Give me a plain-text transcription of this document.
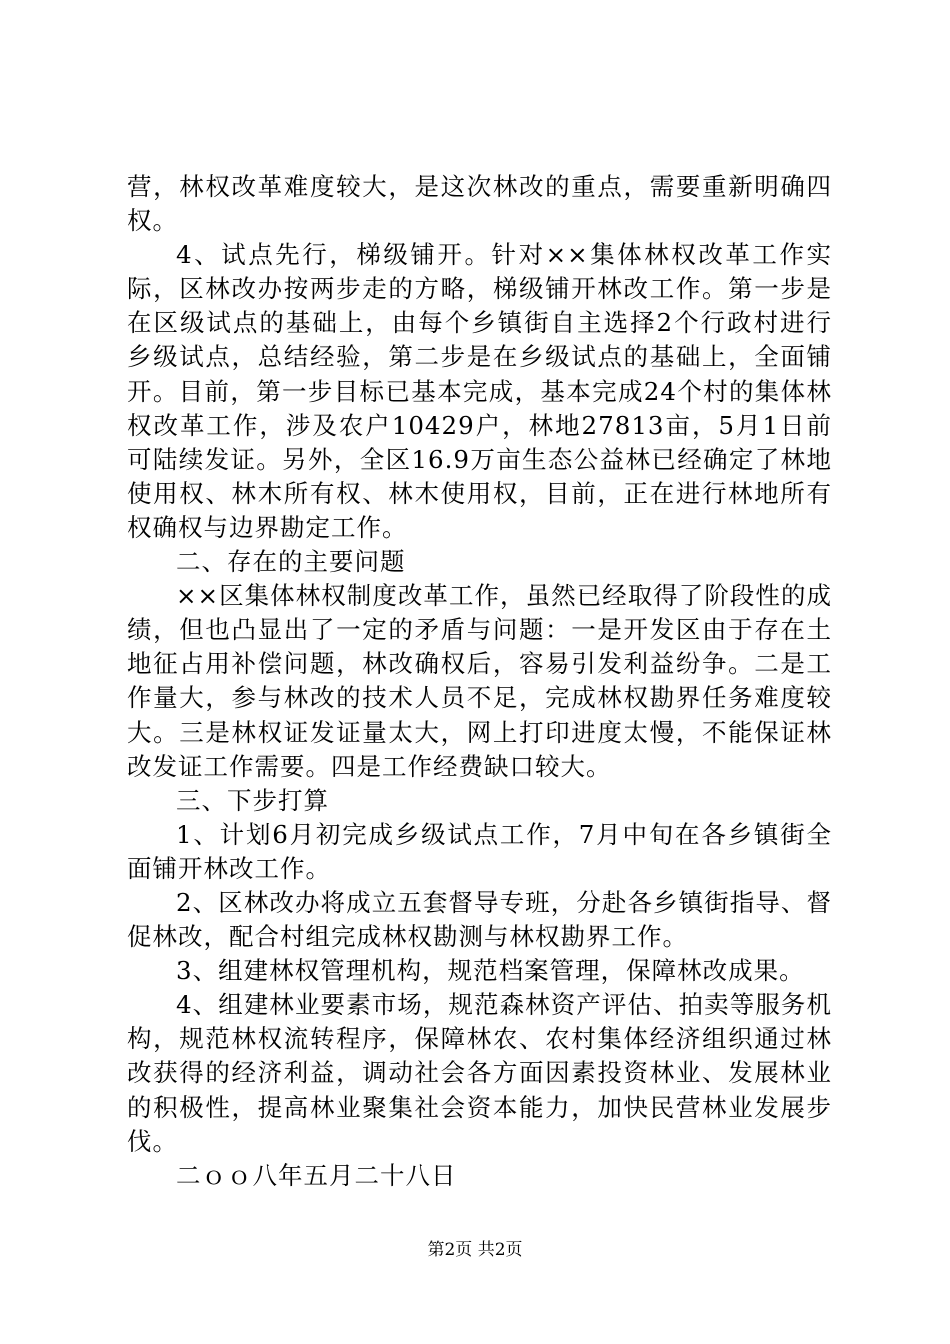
营，林权改革难度较大，是这次林改的重点，需要重新明确四权。

4、试点先行，梯级铺开。针对××集体林权改革工作实际，区林改办按两步走的方略，梯级铺开林改工作。第一步是在区级试点的基础上，由每个乡镇街自主选择2个行政村进行乡级试点，总结经验，第二步是在乡级试点的基础上，全面铺开。目前，第一步目标已基本完成，基本完成24个村的集体林权改革工作，涉及农户10429户，林地27813亩，5月1日前可陆续发证。另外，全区16.9万亩生态公益林已经确定了林地使用权、林木所有权、林木使用权，目前，正在进行林地所有权确权与边界勘定工作。

二、存在的主要问题

××区集体林权制度改革工作，虽然已经取得了阶段性的成绩，但也凸显出了一定的矛盾与问题：一是开发区由于存在土地征占用补偿问题，林改确权后，容易引发利益纷争。二是工作量大，参与林改的技术人员不足，完成林权勘界任务难度较大。三是林权证发证量太大，网上打印进度太慢，不能保证林改发证工作需要。四是工作经费缺口较大。

三、下步打算

1、计划6月初完成乡级试点工作，7月中旬在各乡镇街全面铺开林改工作。

2、区林改办将成立五套督导专班，分赴各乡镇街指导、督促林改，配合村组完成林权勘测与林权勘界工作。

3、组建林权管理机构，规范档案管理，保障林改成果。

4、组建林业要素市场，规范森林资产评估、拍卖等服务机构，规范林权流转程序，保障林农、农村集体经济组织通过林改获得的经济利益，调动社会各方面因素投资林业、发展林业的积极性，提高林业聚集社会资本能力，加快民营林业发展步伐。

二ｏｏ八年五月二十八日

第2页 共2页
